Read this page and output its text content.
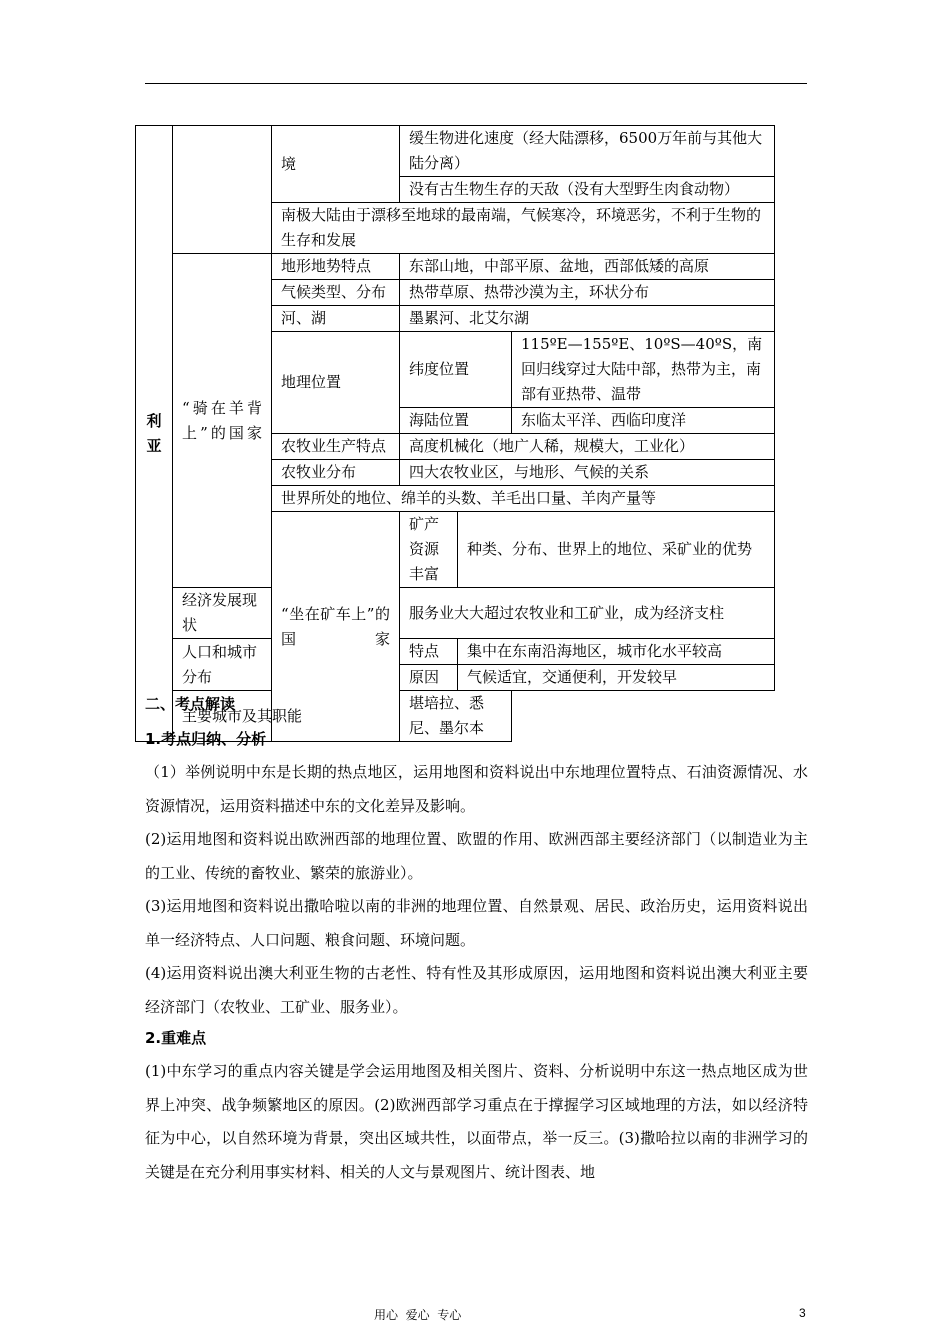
利
亚		境	缓生物进化速度（经大陆漂移，6500万年前与其他大陆分离）		
			没有古生物生存的天敌（没有大型野生肉食动物）		
		南极大陆由于漂移至地球的最南端，气候寒冷，环境恶劣，不利于生物的生存和发展			
	“骑在羊背上”的国家	地形地势特点	东部山地，中部平原、盆地，西部低矮的高原		
		气候类型、分布	热带草原、热带沙漠为主，环状分布		
		河、湖	墨累河、北艾尔湖		
		地理位置	纬度位置		115ºE—155ºE、10ºS—40ºS，南回归线穿过大陆中部，热带为主，南部有亚热带、温带
			海陆位置		东临太平洋、西临印度洋
		农牧业生产特点	高度机械化（地广人稀，规模大，工业化）		
		农牧业分布	四大农牧业区，与地形、气候的关系		
		世界所处的地位、绵羊的头数、羊毛出口量、羊肉产量等			
		“坐在矿车上”的国家	矿产资源丰富	种类、分布、世界上的地位、采矿业的优势	
	经济发展现状		服务业大大超过农牧业和工矿业，成为经济支柱		
	人口和城市分布		特点	集中在东南沿海地区，城市化水平较高	
			原因	气候适宜，交通便利，开发较早	
	主要城市及其职能		堪培拉、悉尼、墨尔本		
二、考点解读
1.考点归纳、分析

（1）举例说明中东是长期的热点地区，运用地图和资料说出中东地理位置特点、石油资源情况、水资源情况，运用资料描述中东的文化差异及影响。

(2)运用地图和资料说出欧洲西部的地理位置、欧盟的作用、欧洲西部主要经济部门（以制造业为主的工业、传统的畜牧业、繁荣的旅游业）。

(3)运用地图和资料说出撒哈啦以南的非洲的地理位置、自然景观、居民、政治历史，运用资料说出单一经济特点、人口问题、粮食问题、环境问题。

(4)运用资料说出澳大利亚生物的古老性、特有性及其形成原因，运用地图和资料说出澳大利亚主要经济部门（农牧业、工矿业、服务业）。

2.重难点

(1)中东学习的重点内容关键是学会运用地图及相关图片、资料、分析说明中东这一热点地区成为世界上冲突、战争频繁地区的原因。(2)欧洲西部学习重点在于撑握学习区域地理的方法，如以经济特征为中心，以自然环境为背景，突出区域共性，以面带点，举一反三。(3)撒哈拉以南的非洲学习的关键是在充分利用事实材料、相关的人文与景观图片、统计图表、地

用心  爱心  专心	3
